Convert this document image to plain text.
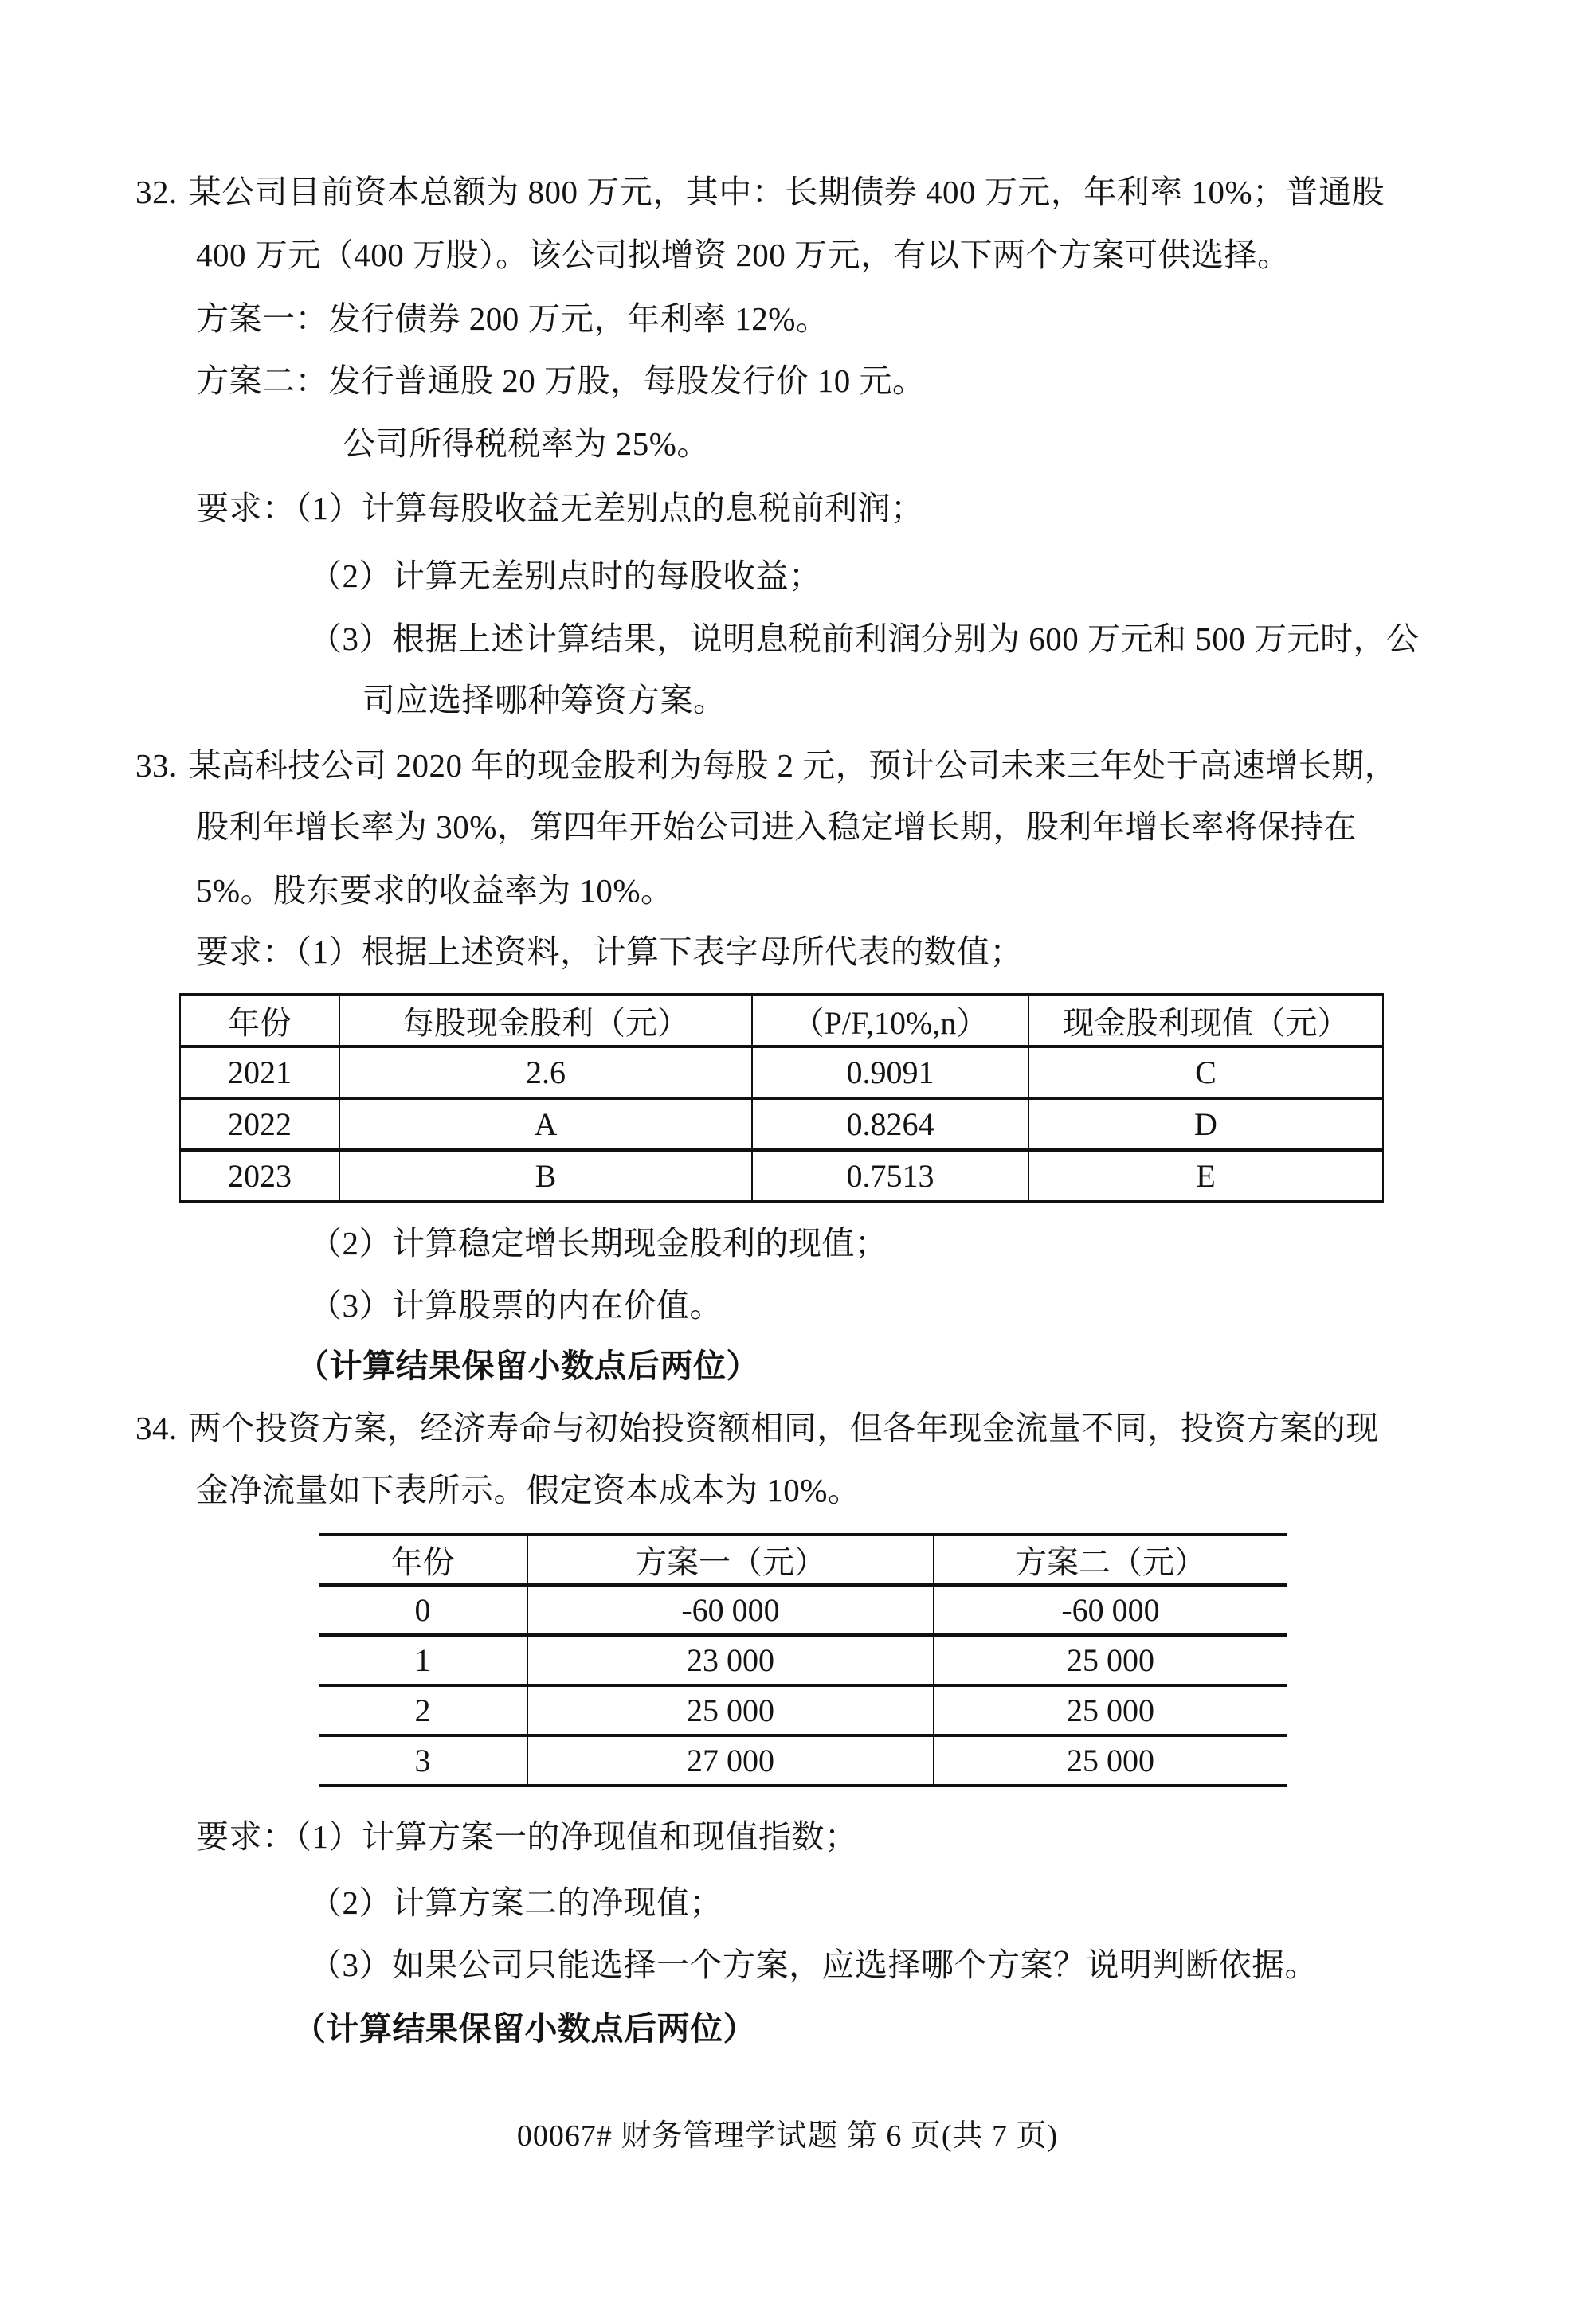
32. 某公司目前资本总额为 800 万元，其中：长期债券 400 万元，年利率 10%；普通股
400 万元（400 万股）。该公司拟增资 200 万元，有以下两个方案可供选择。
方案一：发行债券 200 万元，年利率 12%。
方案二：发行普通股 20 万股，每股发行价 10 元。
公司所得税税率为 25%。
要求：（1）计算每股收益无差别点的息税前利润；
（2）计算无差别点时的每股收益；
（3）根据上述计算结果，说明息税前利润分别为 600 万元和 500 万元时，公
司应选择哪种筹资方案。
33. 某高科技公司 2020 年的现金股利为每股 2 元，预计公司未来三年处于高速增长期，
股利年增长率为 30%，第四年开始公司进入稳定增长期，股利年增长率将保持在
5%。股东要求的收益率为 10%。
要求：（1）根据上述资料，计算下表字母所代表的数值；
年份	每股现金股利（元）	（P/F,10%,n）	现金股利现值（元）
2021	2.6	0.9091	C
2022	A	0.8264	D
2023	B	0.7513	E
（2）计算稳定增长期现金股利的现值；
（3）计算股票的内在价值。
（计算结果保留小数点后两位）
34. 两个投资方案，经济寿命与初始投资额相同，但各年现金流量不同，投资方案的现
金净流量如下表所示。假定资本成本为 10%。
年份	方案一（元）	方案二（元）
0	-60 000	-60 000
1	23 000	25 000
2	25 000	25 000
3	27 000	25 000
要求：（1）计算方案一的净现值和现值指数；
（2）计算方案二的净现值；
（3）如果公司只能选择一个方案，应选择哪个方案？说明判断依据。
（计算结果保留小数点后两位）
00067# 财务管理学试题 第 6 页(共 7 页)
